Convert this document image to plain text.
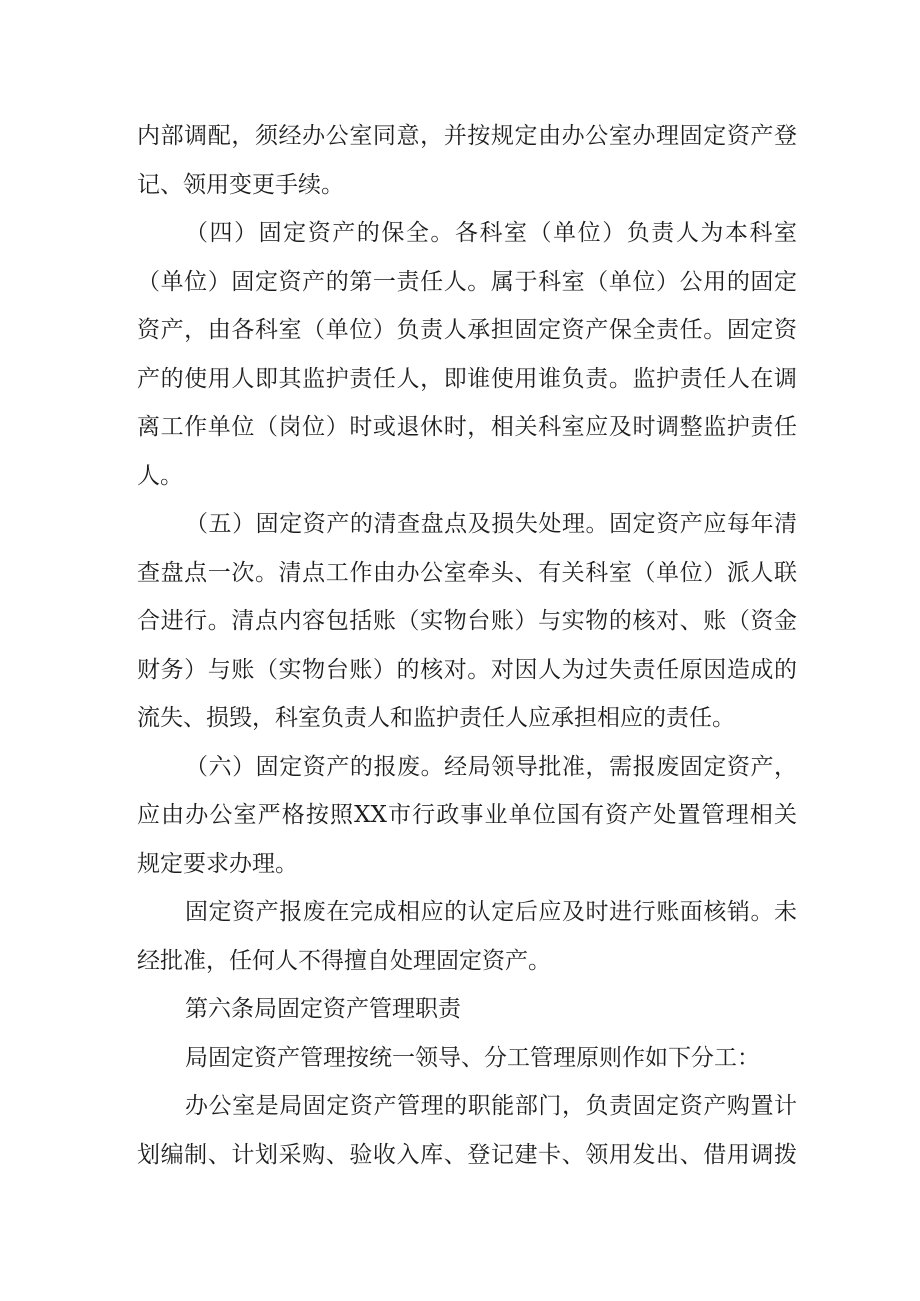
内部调配，须经办公室同意，并按规定由办公室办理固定资产登
记、领用变更手续。
（四）固定资产的保全。各科室（单位）负责人为本科室
（单位）固定资产的第一责任人。属于科室（单位）公用的固定
资产，由各科室（单位）负责人承担固定资产保全责任。固定资
产的使用人即其监护责任人，即谁使用谁负责。监护责任人在调
离工作单位（岗位）时或退休时，相关科室应及时调整监护责任
人。
（五）固定资产的清查盘点及损失处理。固定资产应每年清
查盘点一次。清点工作由办公室牵头、有关科室（单位）派人联
合进行。清点内容包括账（实物台账）与实物的核对、账（资金
财务）与账（实物台账）的核对。对因人为过失责任原因造成的
流失、损毁，科室负责人和监护责任人应承担相应的责任。
（六）固定资产的报废。经局领导批准，需报废固定资产，
应由办公室严格按照XX市行政事业单位国有资产处置管理相关
规定要求办理。
固定资产报废在完成相应的认定后应及时进行账面核销。未
经批准，任何人不得擅自处理固定资产。
第六条局固定资产管理职责
局固定资产管理按统一领导、分工管理原则作如下分工：
办公室是局固定资产管理的职能部门，负责固定资产购置计
划编制、计划采购、验收入库、登记建卡、领用发出、借用调拨
